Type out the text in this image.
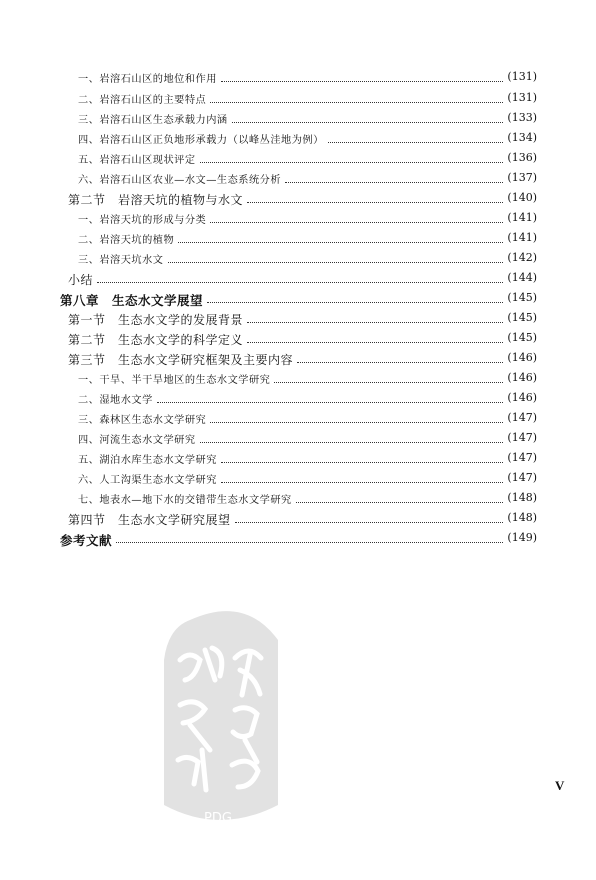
一、岩溶石山区的地位和作用	(131)
二、岩溶石山区的主要特点	(131)
三、岩溶石山区生态承载力内涵	(133)
四、岩溶石山区正负地形承载力（以峰丛洼地为例）	(134)
五、岩溶石山区现状评定	(136)
六、岩溶石山区农业—水文—生态系统分析	(137)
第二节　岩溶天坑的植物与水文	(140)
一、岩溶天坑的形成与分类	(141)
二、岩溶天坑的植物	(141)
三、岩溶天坑水文	(142)
小结	(144)
第八章　生态水文学展望	(145)
第一节　生态水文学的发展背景	(145)
第二节　生态水文学的科学定义	(145)
第三节　生态水文学研究框架及主要内容	(146)
一、干旱、半干旱地区的生态水文学研究	(146)
二、湿地水文学	(146)
三、森林区生态水文学研究	(147)
四、河流生态水文学研究	(147)
五、湖泊水库生态水文学研究	(147)
六、人工沟渠生态水文学研究	(147)
七、地表水—地下水的交错带生态水文学研究	(148)
第四节　生态水文学研究展望	(148)
参考文献	(149)
V
PDG
